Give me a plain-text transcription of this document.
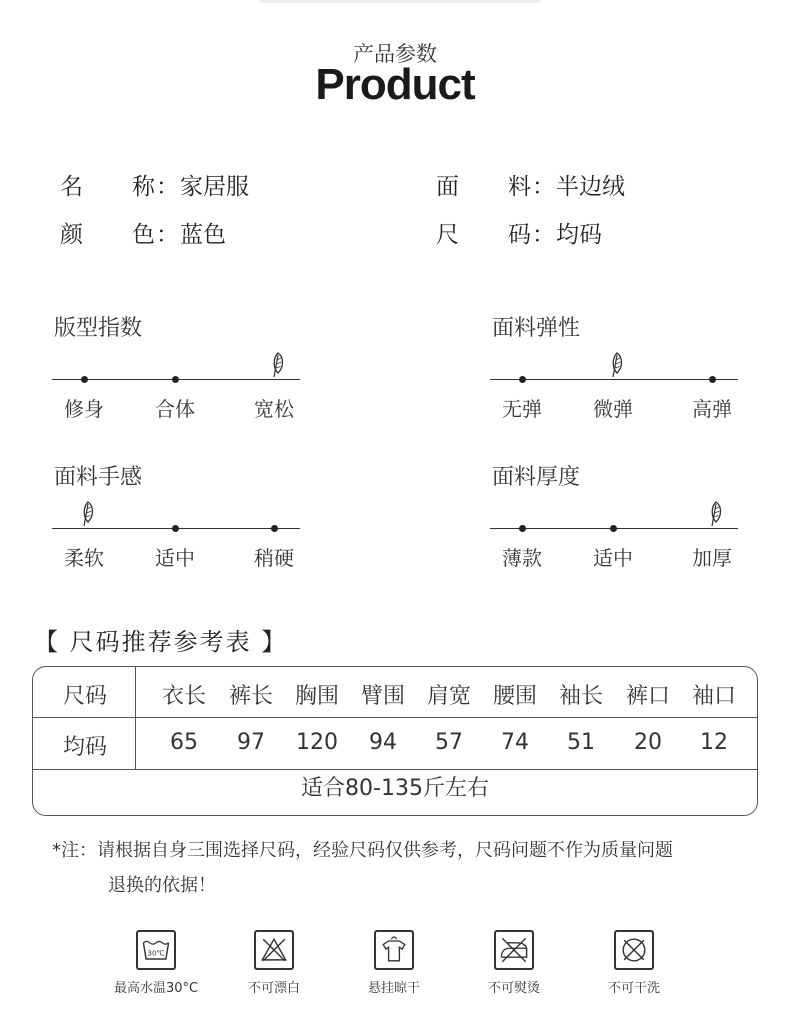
产品参数
Product
名 称 ： 家居服	面 料 ： 半边绒
颜 色 ： 蓝色	尺 码 ： 均码
版型指数	面料弹性
面料手感	面料厚度
修身	合体	宽松	无弹	微弹	高弹
柔软	适中	稍硬	薄款	适中	加厚
【 尺码推荐参考表 】
尺码	衣长	裤长 胸围 臂围 肩宽 腰围 袖长	裤口 袖口
均码	65	97	120	94	57	74	51	20	12
适合80-135斤左右
*注：请根据自身三围选择尺码，经验尺码仅供参考，尺码问题不作为质量问题
退换的依据！
30℃
最高水温30°C	不可漂白	悬挂晾干	不可熨烫	不可干洗
